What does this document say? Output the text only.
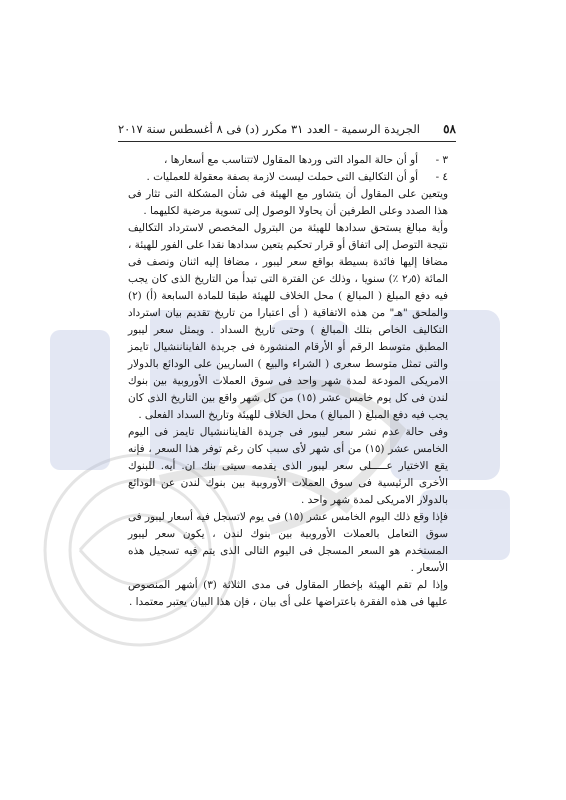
٥٨
الجريدة الرسمية - العدد ٣١ مكرر (د) فى ٨ أغسطس سنة ٢٠١٧
٣ -
أو أن حالة المواد التى وردها المقاول لاتتناسب مع أسعارها ،
٤ -
أو أن التكاليف التى حملت ليست لازمة بصفة معقولة للعمليات .

ويتعين على المقاول أن يتشاور مع الهيئة فى شأن المشكلة التى تثار فى هذا الصدد وعلى الطرفين أن يحاولا الوصول إلى تسوية مرضية لكليهما .

وأية مبالغ يستحق سدادها للهيئة من البترول المخصص لاسترداد التكاليف نتيجة التوصل إلى اتفاق أو قرار تحكيم يتعين سدادها نقدا على الفور للهيئة ، مضافا إليها فائدة بسيطة بواقع سعر ليبور ، مضافا إليه اثنان ونصف فى المائة (٢٫٥ ٪) سنويا ، وذلك عن الفترة التى تبدأ من التاريخ الذى كان يجب فيه دفع المبلغ ( المبالغ ) محل الخلاف للهيئة طبقا للمادة السابعة (أ) (٢) والملحق "هـ" من هذه الاتفاقية ( أى اعتبارا من تاريخ تقديم بيان استرداد التكاليف الخاص بتلك المبالغ ) وحتى تاريخ السداد . ويمثل سعر ليبور المطبق متوسط الرقم أو الأرقام المنشورة فى جريدة الفايناننشيال تايمز والتى تمثل متوسط سعرى ( الشراء والبيع ) الساريين على الودائع بالدولار الامريكى المودعة لمدة شهر واحد فى سوق العملات الأوروبية بين بنوك لندن فى كل يوم خامس عشر (١٥) من كل شهر واقع بين التاريخ الذى كان يجب فيه دفع المبلغ ( المبالغ ) محل الخلاف للهيئة وتاريخ السداد الفعلى .

وفى حالة عدم نشر سعر ليبور فى جريدة الفايناننشيال تايمز فى اليوم الخامس عشر (١٥) من أى شهر لأى سبب كان رغم توفر هذا السعر ، فإنه يقع الاختيار عـــــلى سعر ليبور الذى يقدمه سيتى بنك ان. أيه. للبنوك الأخرى الرئيسية فى سوق العملات الأوروبية بين بنوك لندن عن الودائع بالدولار الامريكى لمدة شهر واحد .

فإذا وقع ذلك اليوم الخامس عشر (١٥) فى يوم لاتسجل فيه أسعار ليبور فى سوق التعامل بالعملات الأوروبية بين بنوك لندن ، يكون سعر ليبور المستخدم هو السعر المسجل فى اليوم التالى الذى يتم فيه تسجيل هذه الأسعار .

وإذا لم تقم الهيئة بإخطار المقاول فى مدى الثلاثة (٣) أشهر المنصوص عليها فى هذه الفقرة باعتراضها على أى بيان ، فإن هذا البيان يعتبر معتمدا .
